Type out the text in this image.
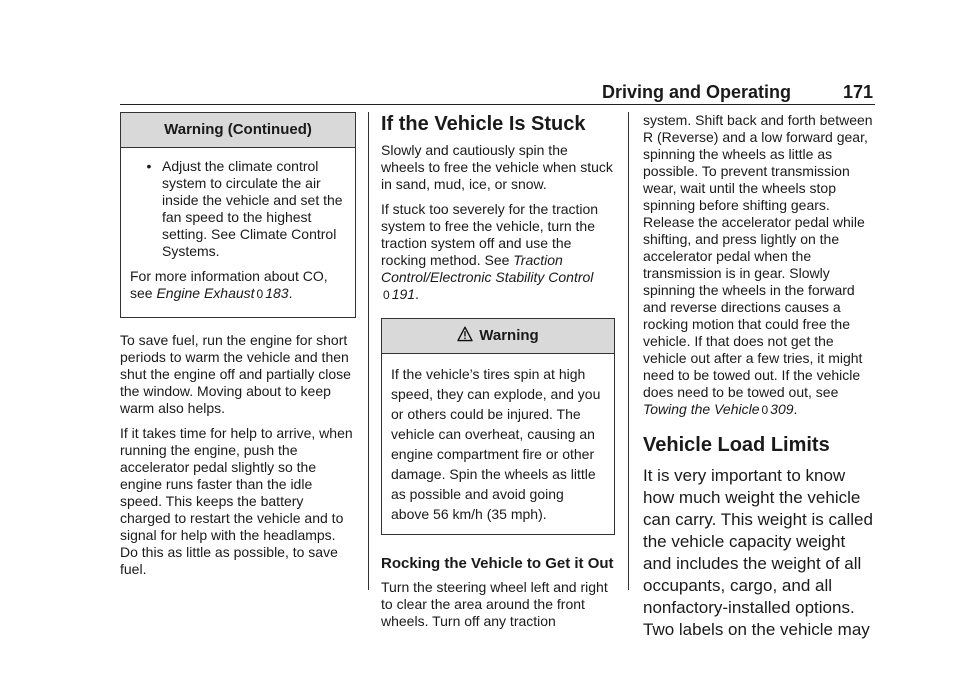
Driving and Operating	171
Warning (Continued)
• Adjust the climate control system to circulate the air inside the vehicle and set the fan speed to the highest setting. See Climate Control Systems.

For more information about CO, see Engine Exhaust 0 183.

To save fuel, run the engine for short periods to warm the vehicle and then shut the engine off and partially close the window. Moving about to keep warm also helps.

If it takes time for help to arrive, when running the engine, push the accelerator pedal slightly so the engine runs faster than the idle speed. This keeps the battery charged to restart the vehicle and to signal for help with the headlamps. Do this as little as possible, to save fuel.

If the Vehicle Is Stuck

Slowly and cautiously spin the wheels to free the vehicle when stuck in sand, mud, ice, or snow.

If stuck too severely for the traction system to free the vehicle, turn the traction system off and use the rocking method. See Traction Control/Electronic Stability Control
0 191.

Warning

If the vehicle’s tires spin at high speed, they can explode, and you or others could be injured. The vehicle can overheat, causing an engine compartment fire or other damage. Spin the wheels as little as possible and avoid going above 56 km/h (35 mph).

Rocking the Vehicle to Get it Out

Turn the steering wheel left and right to clear the area around the front wheels. Turn off any traction

system. Shift back and forth between R (Reverse) and a low forward gear, spinning the wheels as little as possible. To prevent transmission wear, wait until the wheels stop spinning before shifting gears. Release the accelerator pedal while shifting, and press lightly on the accelerator pedal when the transmission is in gear. Slowly spinning the wheels in the forward and reverse directions causes a rocking motion that could free the vehicle. If that does not get the vehicle out after a few tries, it might need to be towed out. If the vehicle does need to be towed out, see Towing the Vehicle 0 309.

Vehicle Load Limits

It is very important to know how much weight the vehicle can carry. This weight is called the vehicle capacity weight and includes the weight of all occupants, cargo, and all nonfactory-installed options. Two labels on the vehicle may
